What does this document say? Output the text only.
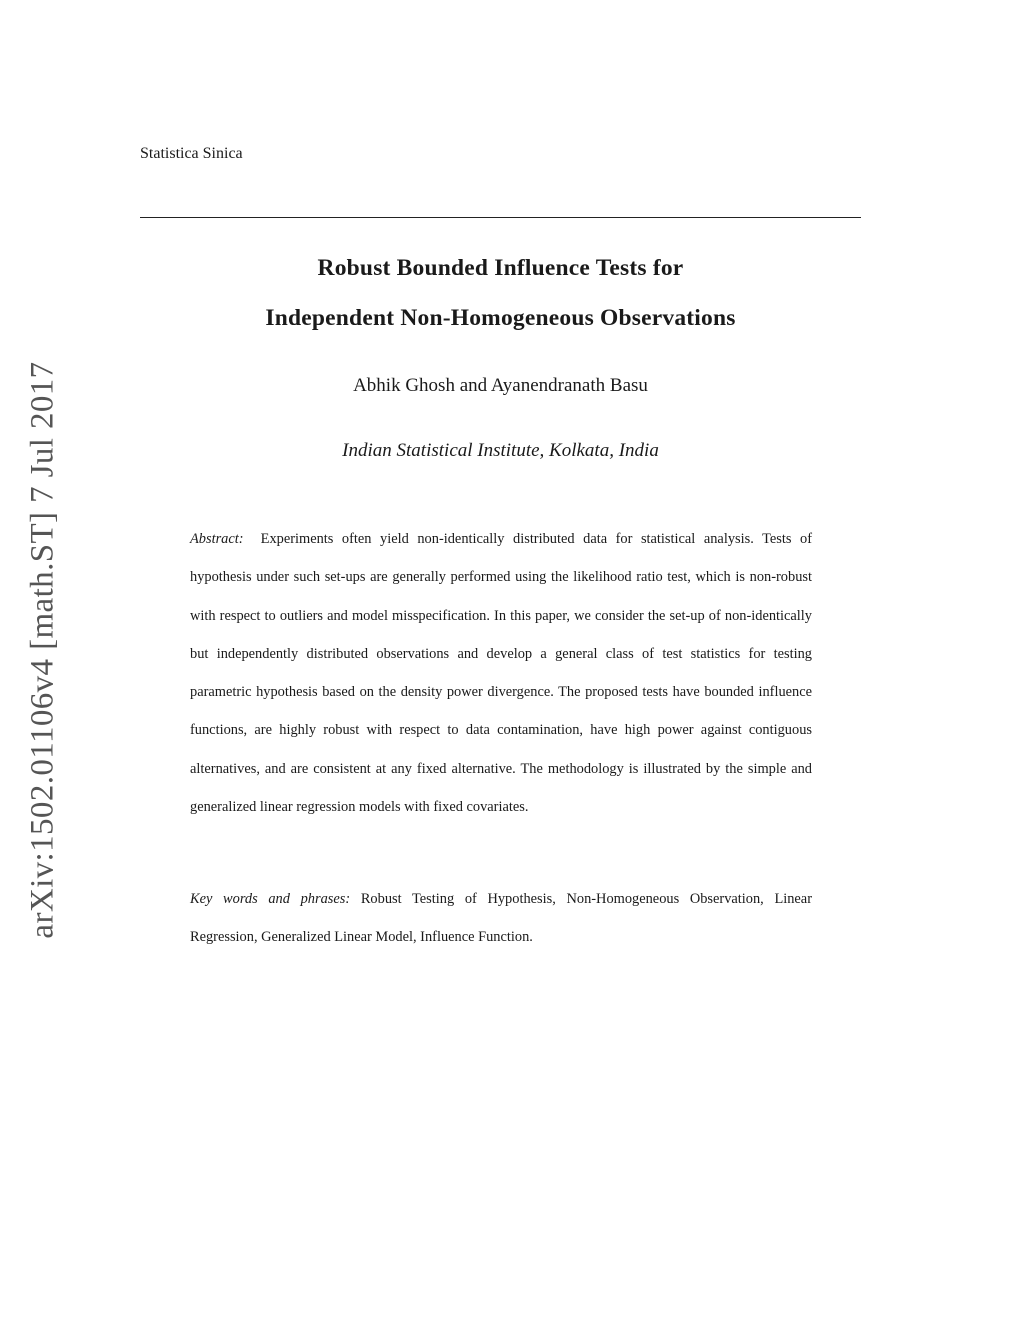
Statistica Sinica
Robust Bounded Influence Tests for
Independent Non-Homogeneous Observations
Abhik Ghosh and Ayanendranath Basu
Indian Statistical Institute, Kolkata, India

Abstract: Experiments often yield non-identically distributed data for statistical analysis. Tests of hypothesis under such set-ups are generally performed using the likelihood ratio test, which is non-robust with respect to outliers and model misspecification. In this paper, we consider the set-up of non-identically but independently distributed observations and develop a general class of test statistics for testing parametric hypothesis based on the density power divergence. The proposed tests have bounded influence functions, are highly robust with respect to data contamination, have high power against contiguous alternatives, and are consistent at any fixed alternative. The methodology is illustrated by the simple and generalized linear regression models with fixed covariates.

Key words and phrases: Robust Testing of Hypothesis, Non-Homogeneous Observation, Linear Regression, Generalized Linear Model, Influence Function.

arXiv:1502.01106v4 [math.ST] 7 Jul 2017
